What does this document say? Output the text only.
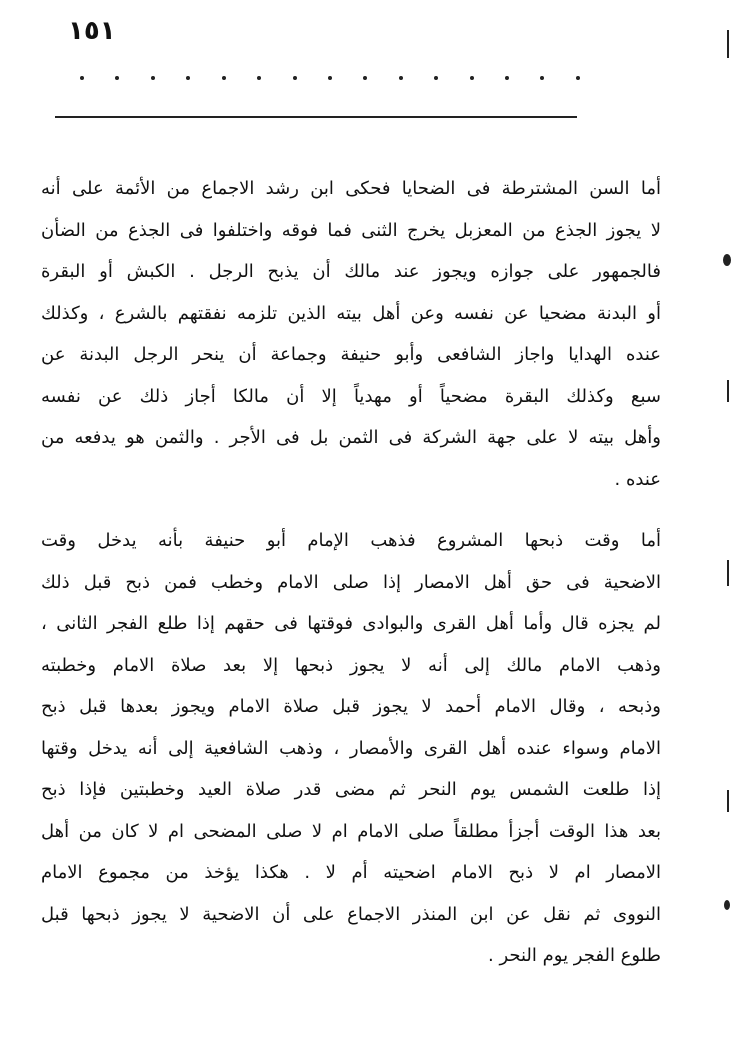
١٥١
أما السن المشترطة فى الضحايا فحكى ابن رشد الاجماع من الأئمة على أنه
لا يجوز الجذع من المعزبل يخرج الثنى فما فوقه واختلفوا فى الجذع من الضأن
فالجمهور على جوازه ويجوز عند مالك أن يذبح الرجل . الكبش أو البقرة
أو البدنة مضحيا عن نفسه وعن أهل بيته الذين تلزمه نفقتهم بالشرع ، وكذلك
عنده الهدايا واجاز الشافعى وأبو حنيفة وجماعة أن ينحر الرجل البدنة عن
سبع وكذلك البقرة مضحياً أو مهدياً إلا أن مالكا أجاز ذلك عن نفسه
وأهل بيته لا على جهة الشركة فى الثمن بل فى الأجر . والثمن هو يدفعه من
عنده .
أما وقت ذبحها المشروع فذهب الإمام أبو حنيفة بأنه يدخل وقت
الاضحية فى حق أهل الامصار إذا صلى الامام وخطب فمن ذبح قبل ذلك
لم يجزه قال وأما أهل القرى والبوادى فوقتها فى حقهم إذا طلع الفجر الثانى ،
وذهب الامام مالك إلى أنه لا يجوز ذبحها إلا بعد صلاة الامام وخطبته
وذبحه ، وقال الامام أحمد لا يجوز قبل صلاة الامام ويجوز بعدها قبل ذبح
الامام وسواء عنده أهل القرى والأمصار ، وذهب الشافعية إلى أنه يدخل وقتها
إذا طلعت الشمس يوم النحر ثم مضى قدر صلاة العيد وخطبتين فإذا ذبح
بعد هذا الوقت أجزأ مطلقاً صلى الامام ام لا صلى المضحى ام لا كان من أهل
الامصار ام لا ذبح الامام اضحيته أم لا . هكذا يؤخذ من مجموع الامام
النووى ثم نقل عن ابن المنذر الاجماع على أن الاضحية لا يجوز ذبحها قبل
طلوع الفجر يوم النحر .
